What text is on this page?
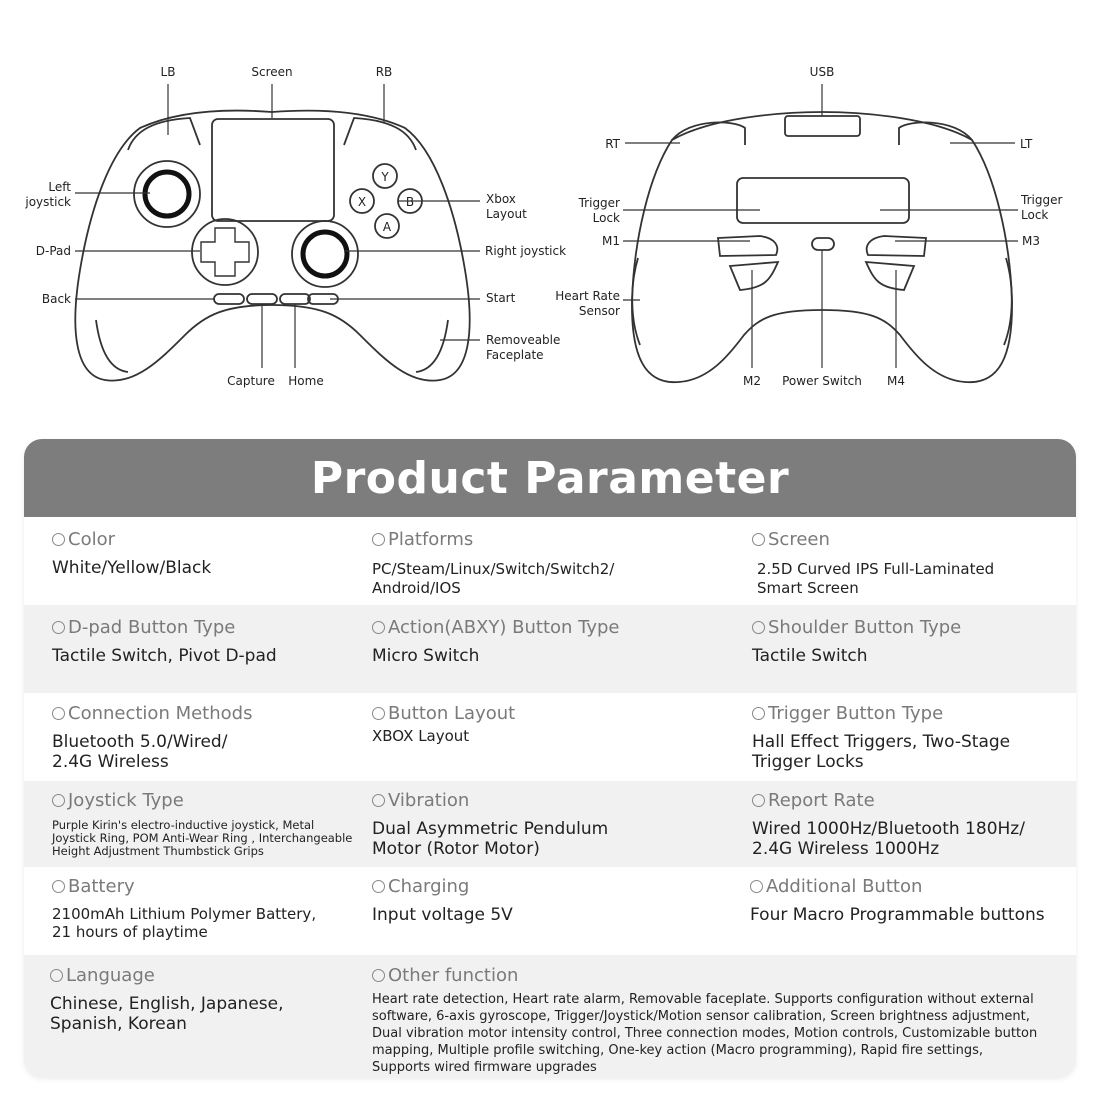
Y
X	B
A
LB	Screen	RB
Left
joystick
D-Pad
Back
Xbox
Layout
Right joystick
Start
Removeable
Faceplate
Capture	Home
USB
RT	LT
Trigger
Lock
Trigger
Lock
M1	M3
Heart Rate
Sensor
M2	Power Switch	M4
Product Parameter
Color
White/Yellow/Black
Platforms
PC/Steam/Linux/Switch/Switch2/
Android/IOS
Screen
2.5D Curved IPS Full-Laminated
Smart Screen
D-pad Button Type
Tactile Switch, Pivot D-pad
Action(ABXY) Button Type
Micro Switch
Shoulder Button Type
Tactile Switch
Connection Methods
Bluetooth 5.0/Wired/
2.4G Wireless
Button Layout
XBOX Layout
Trigger Button Type
Hall Effect Triggers, Two-Stage
Trigger Locks
Joystick Type
Purple Kirin's electro-inductive joystick, Metal
Joystick Ring, POM Anti-Wear Ring , Interchangeable
Height Adjustment Thumbstick Grips
Vibration
Dual Asymmetric Pendulum
Motor (Rotor Motor)
Report Rate
Wired 1000Hz/Bluetooth 180Hz/
2.4G Wireless 1000Hz
Battery
2100mAh Lithium Polymer Battery,
21 hours of playtime
Charging
Input voltage 5V
Additional Button
Four Macro Programmable buttons
Language
Chinese, English, Japanese,
Spanish, Korean
Other function
Heart rate detection, Heart rate alarm, Removable faceplate. Supports configuration without external
software, 6-axis gyroscope, Trigger/Joystick/Motion sensor calibration, Screen brightness adjustment,
Dual vibration motor intensity control, Three connection modes, Motion controls, Customizable button
mapping, Multiple profile switching, One-key action (Macro programming), Rapid fire settings,
Supports wired firmware upgrades
